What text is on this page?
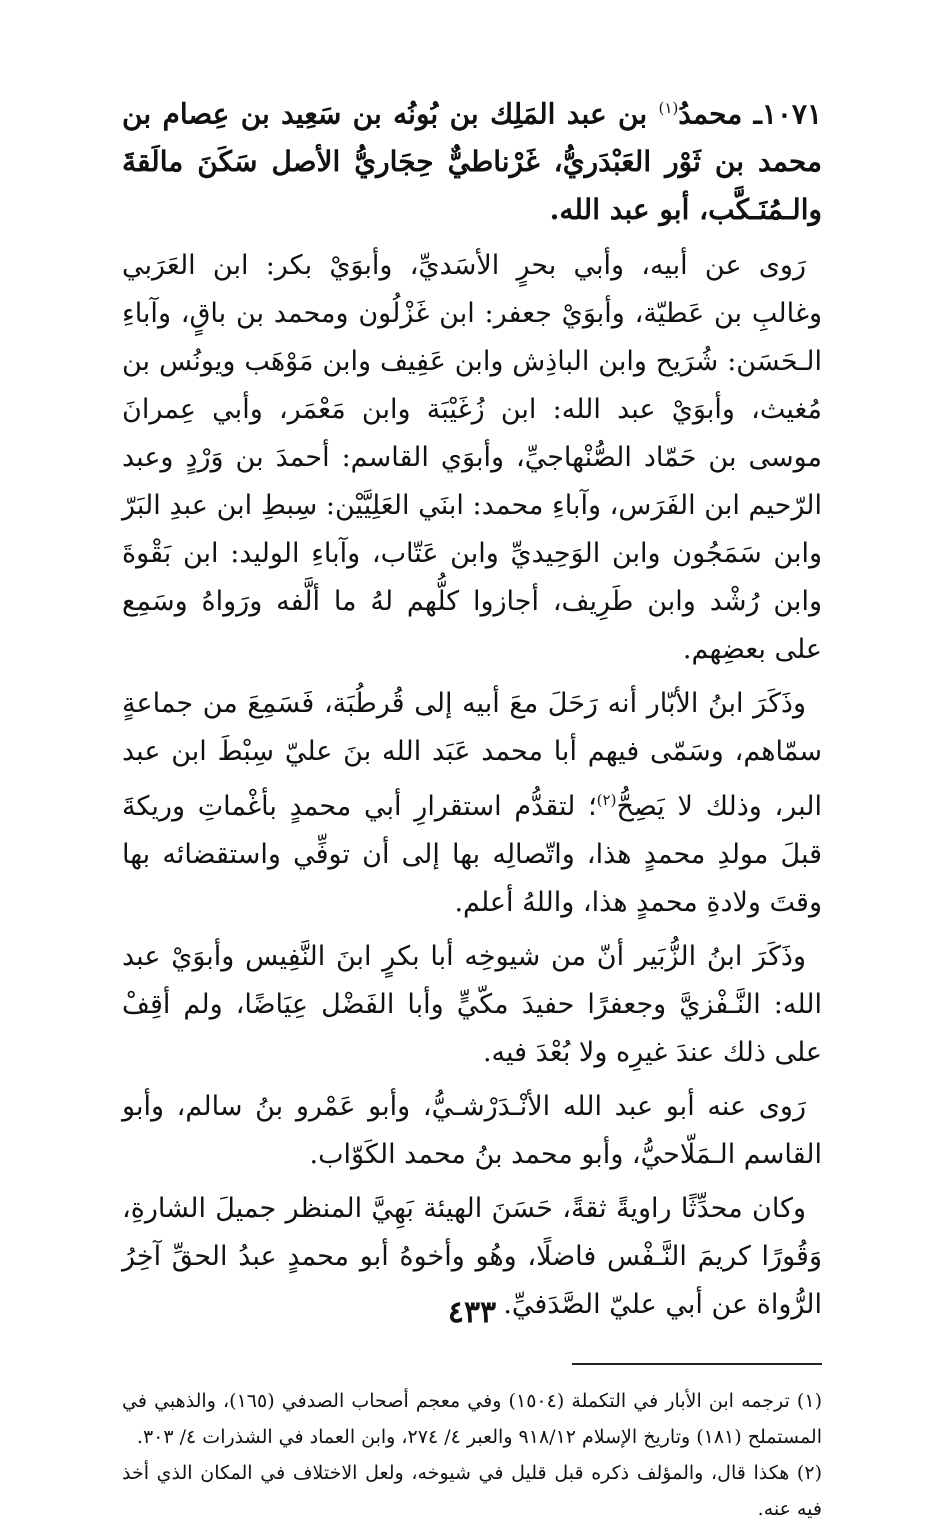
١٠٧١ـ محمدُ$^{(١)}$ بن عبد المَلِك بن بُونُه بن سَعِيد بن عِصام بن محمد بن ثَوْر العَبْدَريُّ، غَرْناطيٌّ حِجَاريُّ الأصل سَكَنَ مالَقةَ والـمُنَـكَّب، أبو عبد الله.

رَوى عن أبيه، وأبي بحرٍ الأسَديِّ، وأبوَيْ بكر: ابن العَرَبي وغالبِ بن عَطيّة، وأبوَيْ جعفر: ابن غَزْلُون ومحمد بن باقٍ، وآباءِ الـحَسَن: شُرَيح وابن الباذِش وابن عَفِيف وابن مَوْهَب ويونُس بن مُغيث، وأبوَيْ عبد الله: ابن زُغَيْبَة وابن مَعْمَر، وأبي عِمرانَ موسى بن حَمّاد الصُّنْهاجيِّ، وأبوَي القاسم: أحمدَ بن وَرْدٍ وعبد الرّحيم ابن الفَرَس، وآباءِ محمد: ابنَي العَلِيَّيْن: سِبطِ ابن عبدِ البَرّ وابن سَمَجُون وابن الوَحِيديِّ وابن عَتّاب، وآباءِ الوليد: ابن بَقْوةَ وابن رُشْد وابن طَرِيف، أجازوا كلُّهم لهُ ما ألَّفه ورَواهُ وسَمِع على بعضِهم.

وذَكَرَ ابنُ الأبّار أنه رَحَلَ معَ أبيه إلى قُرطُبَة، فَسَمِعَ من جماعةٍ سمّاهم، وسَمّى فيهم أبا محمد عَبَد الله بنَ عليّ سِبْطَ ابن عبد البر، وذلك لا يَصِحُّ$^{(٢)}$؛ لتقدُّم استقرارِ أبي محمدٍ بأغْماتِ وريكةَ قبلَ مولدِ محمدٍ هذا، واتّصالِه بها إلى أن توفِّي واستقضائه بها وقتَ ولادةِ محمدٍ هذا، واللهُ أعلم.

وذَكَرَ ابنُ الزُّبَير أنّ من شيوخِه أبا بكرٍ ابنَ النَّفِيس وأبوَيْ عبد الله: النَّـفْزيَّ وجعفرًا حفيدَ مكّيٍّ وأبا الفَضْل عِيَاضًا، ولم أقِفْ على ذلك عندَ غيرِه ولا بُعْدَ فيه.

رَوى عنه أبو عبد الله الأنْـدَرْشـيُّ، وأبو عَمْرو بنُ سالم، وأبو القاسم الـمَلّاحيُّ، وأبو محمد بنُ محمد الكَوّاب.

وكان محدِّثًا راويةً ثقةً، حَسَنَ الهيئة بَهِيَّ المنظر جميلَ الشارةِ، وَقُورًا كريمَ النَّـفْس فاضلًا، وهُو وأخوهُ أبو محمدٍ عبدُ الحقِّ آخِرُ الرُّواة عن أبي عليّ الصَّدَفيِّ.

(١) ترجمه ابن الأبار في التكملة (١٥٠٤) وفي معجم أصحاب الصدفي (١٦٥)، والذهبي في المستملح (١٨١) وتاريخ الإسلام ٩١٨/١٢ والعبر ٤/ ٢٧٤، وابن العماد في الشذرات ٤/ ٣٠٣.

(٢) هكذا قال، والمؤلف ذكره قبل قليل في شيوخه، ولعل الاختلاف في المكان الذي أخذ فيه عنه.

٤٣٣
